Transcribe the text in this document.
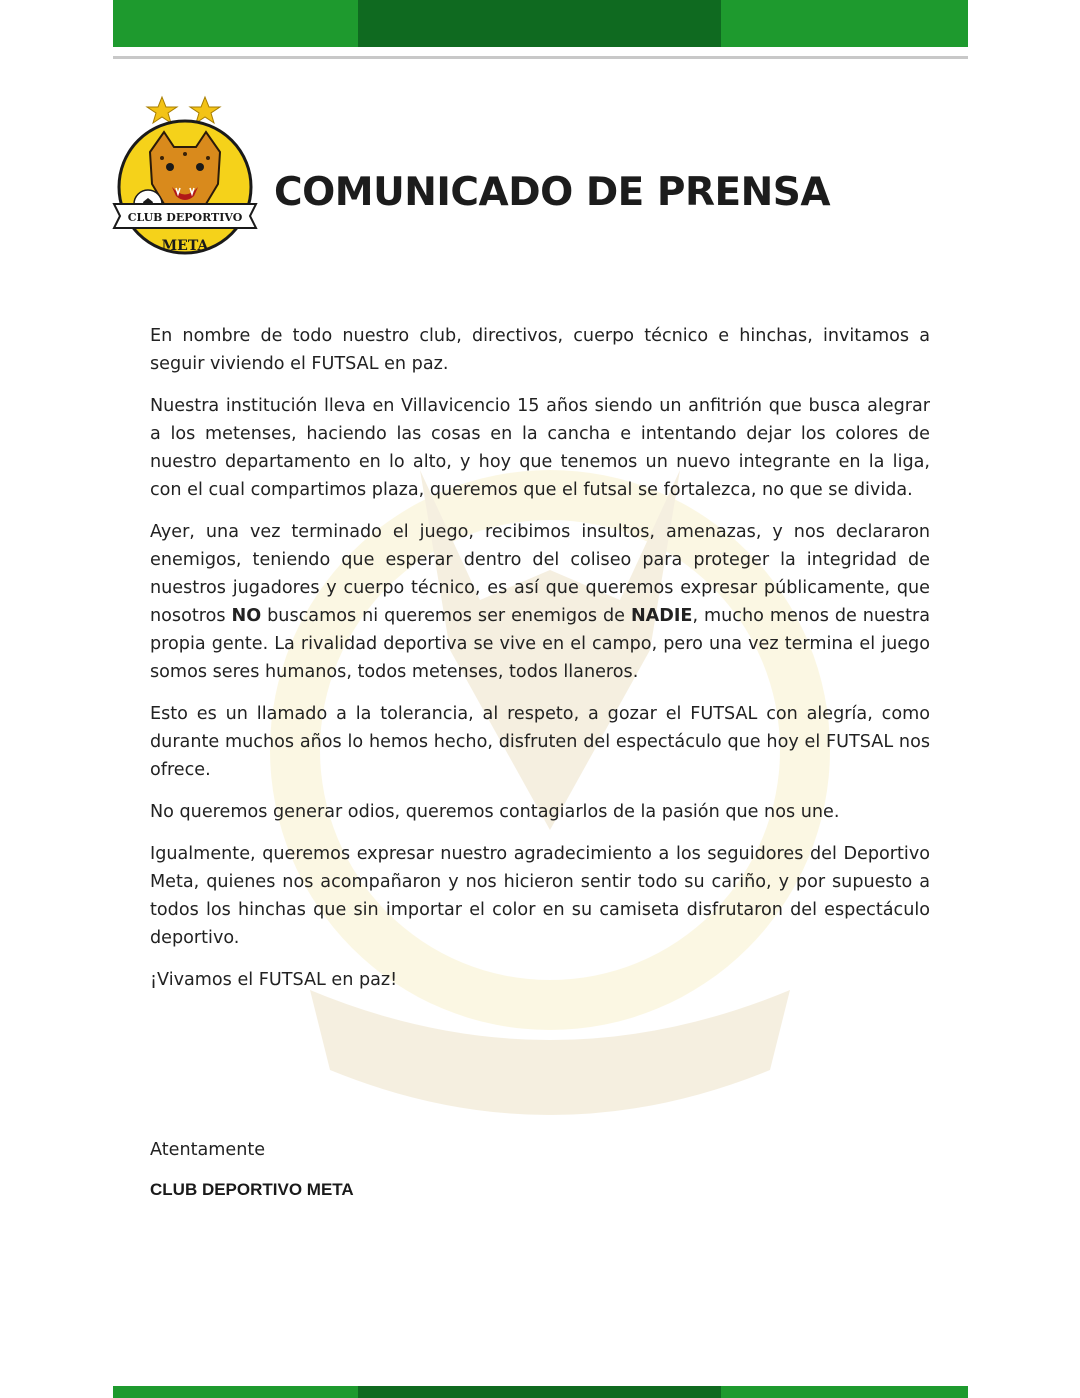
CLUB DEPORTIVO
META
COMUNICADO DE PRENSA

En nombre de todo nuestro club, directivos, cuerpo técnico e hinchas, invitamos a seguir viviendo el FUTSAL en paz.

Nuestra institución lleva en Villavicencio 15 años siendo un anfitrión que busca alegrar a los metenses, haciendo las cosas en la cancha e intentando dejar los colores de nuestro departamento en lo alto, y hoy que tenemos un nuevo integrante en la liga, con el cual compartimos plaza, queremos que el futsal se fortalezca, no que se divida.

Ayer, una vez terminado el juego, recibimos insultos, amenazas, y nos declararon enemigos, teniendo que esperar dentro del coliseo para proteger la integridad de nuestros jugadores y cuerpo técnico, es así que queremos expresar públicamente, que nosotros NO buscamos ni queremos ser enemigos de NADIE, mucho menos de nuestra propia gente. La rivalidad deportiva se vive en el campo, pero una vez termina el juego somos seres humanos, todos metenses, todos llaneros.

Esto es un llamado a la tolerancia, al respeto, a gozar el FUTSAL con alegría, como durante muchos años lo hemos hecho, disfruten del espectáculo que hoy el FUTSAL nos ofrece.

No queremos generar odios, queremos contagiarlos de la pasión que nos une.

Igualmente, queremos expresar nuestro agradecimiento a los seguidores del Deportivo Meta, quienes nos acompañaron y nos hicieron sentir todo su cariño, y por supuesto a todos los hinchas que sin importar el color en su camiseta disfrutaron del espectáculo deportivo.

¡Vivamos el FUTSAL en paz!

Atentamente
CLUB DEPORTIVO META
